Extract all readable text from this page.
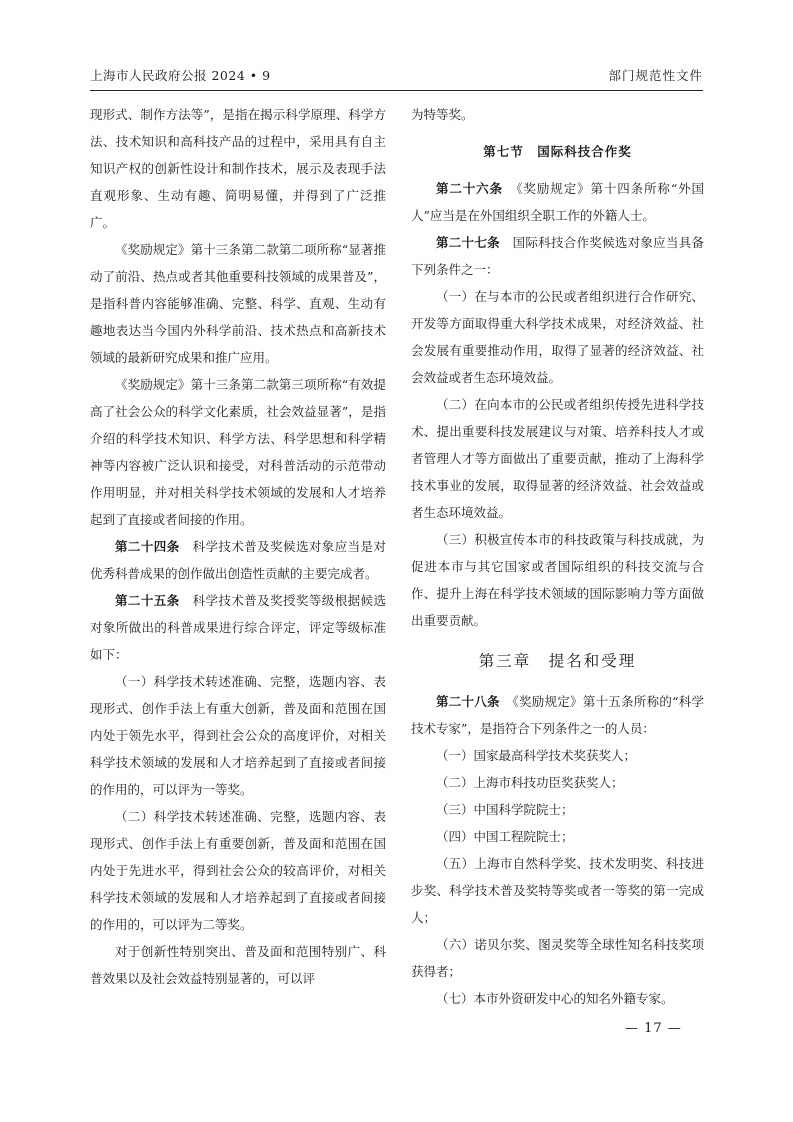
上海市人民政府公报 2024 • 9	部门规范性文件

现形式、制作方法等”，是指在揭示科学原理、科学方法、技术知识和高科技产品的过程中，采用具有自主知识产权的创新性设计和制作技术，展示及表现手法直观形象、生动有趣、简明易懂，并得到了广泛推广。

《奖励规定》第十三条第二款第二项所称“显著推动了前沿、热点或者其他重要科技领域的成果普及”，是指科普内容能够准确、完整、科学、直观、生动有趣地表达当今国内外科学前沿、技术热点和高新技术领域的最新研究成果和推广应用。

《奖励规定》第十三条第二款第三项所称“有效提高了社会公众的科学文化素质，社会效益显著”，是指介绍的科学技术知识、科学方法、科学思想和科学精神等内容被广泛认识和接受，对科普活动的示范带动作用明显，并对相关科学技术领域的发展和人才培养起到了直接或者间接的作用。

第二十四条　 科学技术普及奖候选对象应当是对优秀科普成果的创作做出创造性贡献的主要完成者。

第二十五条　 科学技术普及奖授奖等级根据候选对象所做出的科普成果进行综合评定，评定等级标准如下：

（一）科学技术转述准确、完整，选题内容、表现形式、创作手法上有重大创新，普及面和范围在国内处于领先水平，得到社会公众的高度评价，对相关科学技术领域的发展和人才培养起到了直接或者间接的作用的，可以评为一等奖。

（二）科学技术转述准确、完整，选题内容、表现形式、创作手法上有重要创新，普及面和范围在国内处于先进水平，得到社会公众的较高评价，对相关科学技术领域的发展和人才培养起到了直接或者间接的作用的，可以评为二等奖。

对于创新性特别突出、普及面和范围特别广、科普效果以及社会效益特别显著的，可以评

为特等奖。

第七节　国际科技合作奖

第二十六条　 《奖励规定》第十四条所称“外国人”应当是在外国组织全职工作的外籍人士。

第二十七条　 国际科技合作奖候选对象应当具备下列条件之一：

（一）在与本市的公民或者组织进行合作研究、开发等方面取得重大科学技术成果，对经济效益、社会发展有重要推动作用，取得了显著的经济效益、社会效益或者生态环境效益。

（二）在向本市的公民或者组织传授先进科学技术、提出重要科技发展建议与对策、培养科技人才或者管理人才等方面做出了重要贡献，推动了上海科学技术事业的发展，取得显著的经济效益、社会效益或者生态环境效益。

（三）积极宣传本市的科技政策与科技成就，为促进本市与其它国家或者国际组织的科技交流与合作、提升上海在科学技术领域的国际影响力等方面做出重要贡献。

第三章　提名和受理

第二十八条　 《奖励规定》第十五条所称的“科学技术专家”，是指符合下列条件之一的人员：

（一）国家最高科学技术奖获奖人；

（二）上海市科技功臣奖获奖人；

（三）中国科学院院士；

（四）中国工程院院士；

（五）上海市自然科学奖、技术发明奖、科技进步奖、科学技术普及奖特等奖或者一等奖的第一完成人；

（六）诺贝尔奖、图灵奖等全球性知名科技奖项获得者；

（七）本市外资研发中心的知名外籍专家。

— 17 —
